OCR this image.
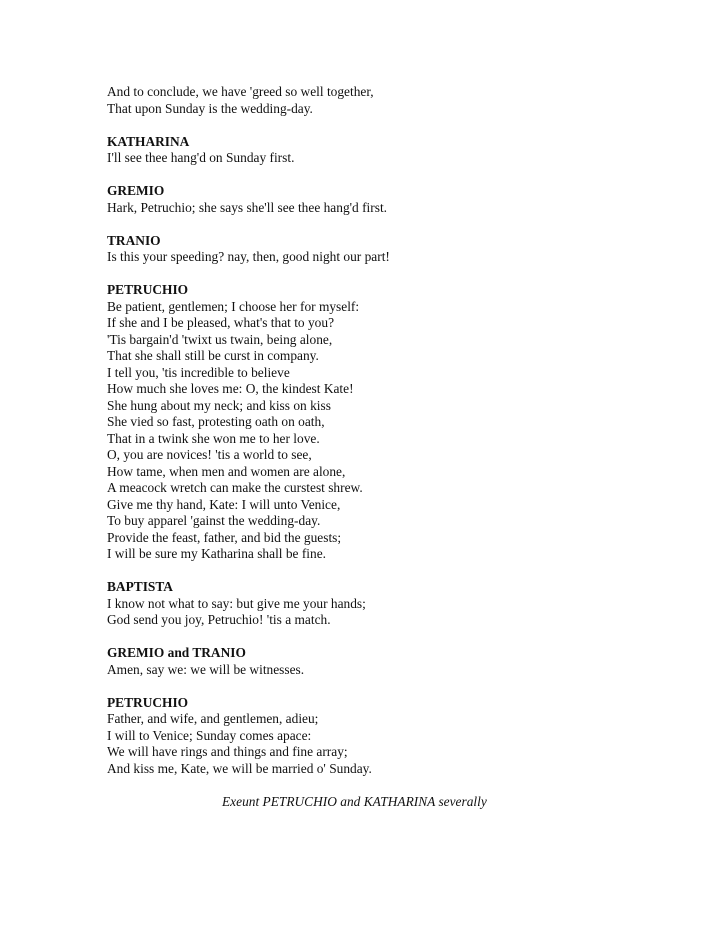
And to conclude, we have 'greed so well together,
That upon Sunday is the wedding-day.
KATHARINA
I'll see thee hang'd on Sunday first.
GREMIO
Hark, Petruchio; she says she'll see thee hang'd first.
TRANIO
Is this your speeding? nay, then, good night our part!
PETRUCHIO
Be patient, gentlemen; I choose her for myself:
If she and I be pleased, what's that to you?
'Tis bargain'd 'twixt us twain, being alone,
That she shall still be curst in company.
I tell you, 'tis incredible to believe
How much she loves me: O, the kindest Kate!
She hung about my neck; and kiss on kiss
She vied so fast, protesting oath on oath,
That in a twink she won me to her love.
O, you are novices! 'tis a world to see,
How tame, when men and women are alone,
A meacock wretch can make the curstest shrew.
Give me thy hand, Kate: I will unto Venice,
To buy apparel 'gainst the wedding-day.
Provide the feast, father, and bid the guests;
I will be sure my Katharina shall be fine.
BAPTISTA
I know not what to say: but give me your hands;
God send you joy, Petruchio! 'tis a match.
GREMIO and TRANIO
Amen, say we: we will be witnesses.
PETRUCHIO
Father, and wife, and gentlemen, adieu;
I will to Venice; Sunday comes apace:
We will have rings and things and fine array;
And kiss me, Kate, we will be married o' Sunday.
Exeunt PETRUCHIO and KATHARINA severally
